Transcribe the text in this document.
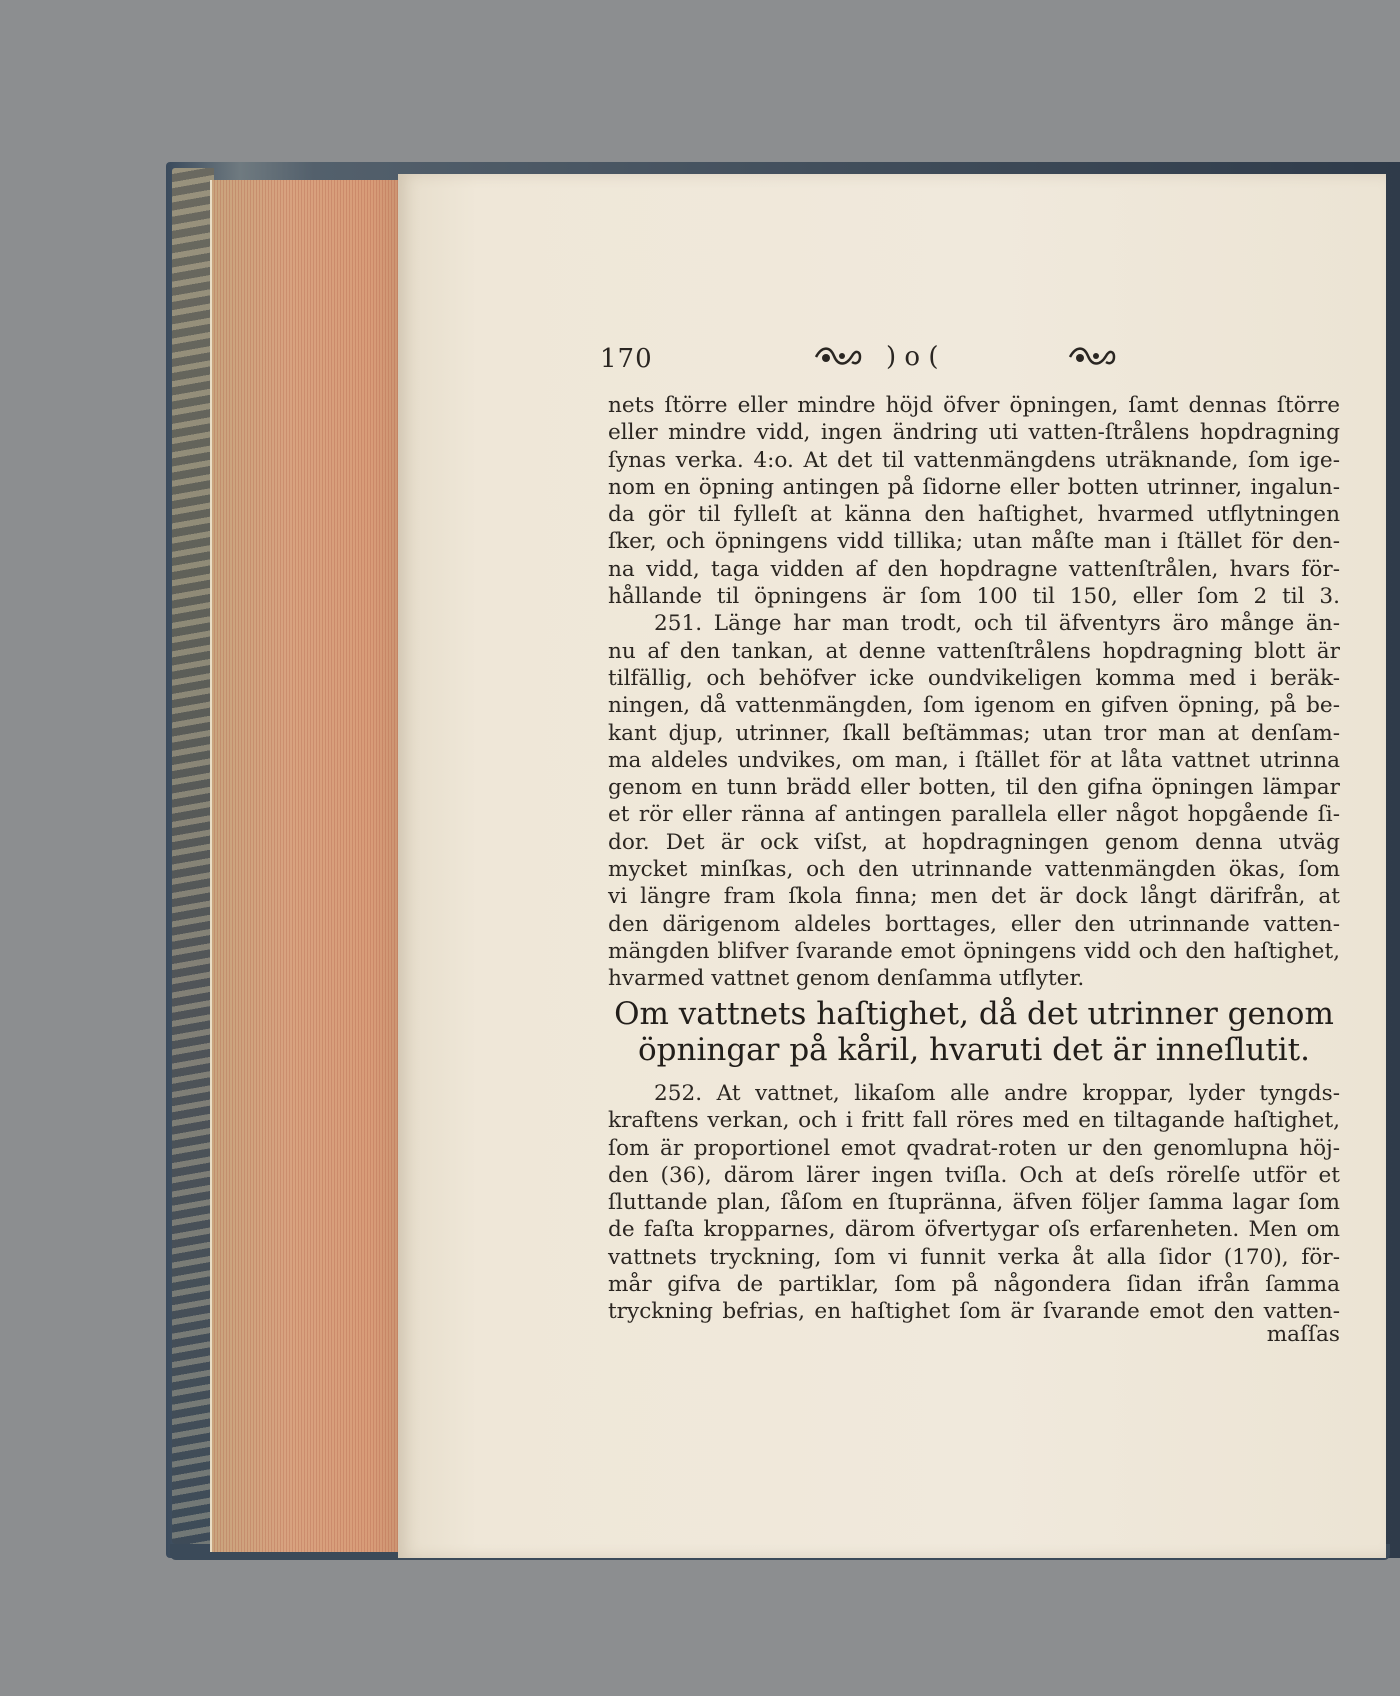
170	) o (
nets ſtörre eller mindre höjd öfver öpningen, ſamt dennas ſtörre
eller mindre vidd, ingen ändring uti vatten-ſtrålens hopdragning
ſynas verka. 4:o. At det til vattenmängdens uträknande, ſom ige-
nom en öpning antingen på ſidorne eller botten utrinner, ingalun-
da gör til fylleſt at känna den haſtighet, hvarmed utflytningen
ſker, och öpningens vidd tillika; utan måſte man i ſtället för den-
na vidd, taga vidden af den hopdragne vattenſtrålen, hvars för-
hållande til öpningens är ſom 100 til 150, eller ſom 2 til 3.
251. Länge har man trodt, och til äfventyrs äro månge än-
nu af den tankan, at denne vattenſtrålens hopdragning blott är
tilfällig, och behöfver icke oundvikeligen komma med i beräk-
ningen, då vattenmängden, ſom igenom en gifven öpning, på be-
kant djup, utrinner, ſkall beſtämmas; utan tror man at denſam-
ma aldeles undvikes, om man, i ſtället för at låta vattnet utrinna
genom en tunn brädd eller botten, til den gifna öpningen lämpar
et rör eller ränna af antingen parallela eller något hopgående ſi-
dor. Det är ock viſst, at hopdragningen genom denna utväg
mycket minſkas, och den utrinnande vattenmängden ökas, ſom
vi längre fram ſkola finna; men det är dock långt därifrån, at
den därigenom aldeles borttages, eller den utrinnande vatten-
mängden blifver ſvarande emot öpningens vidd och den haſtighet,
hvarmed vattnet genom denſamma utflyter.
Om vattnets haſtighet, då det utrinner genom
öpningar på kåril, hvaruti det är inneſlutit.
252. At vattnet, likaſom alle andre kroppar, lyder tyngds-
kraftens verkan, och i fritt fall röres med en tiltagande haſtighet,
ſom är proportionel emot qvadrat-roten ur den genomlupna höj-
den (36), därom lärer ingen tviſla. Och at deſs rörelſe utför et
ſluttande plan, ſåſom en ſtupränna, äfven följer ſamma lagar ſom
de faſta kropparnes, därom öfvertygar oſs erfarenheten. Men om
vattnets tryckning, ſom vi funnit verka åt alla ſidor (170), för-
mår gifva de partiklar, ſom på någondera ſidan ifrån ſamma
tryckning befrias, en haſtighet ſom är ſvarande emot den vatten-
maſſas
